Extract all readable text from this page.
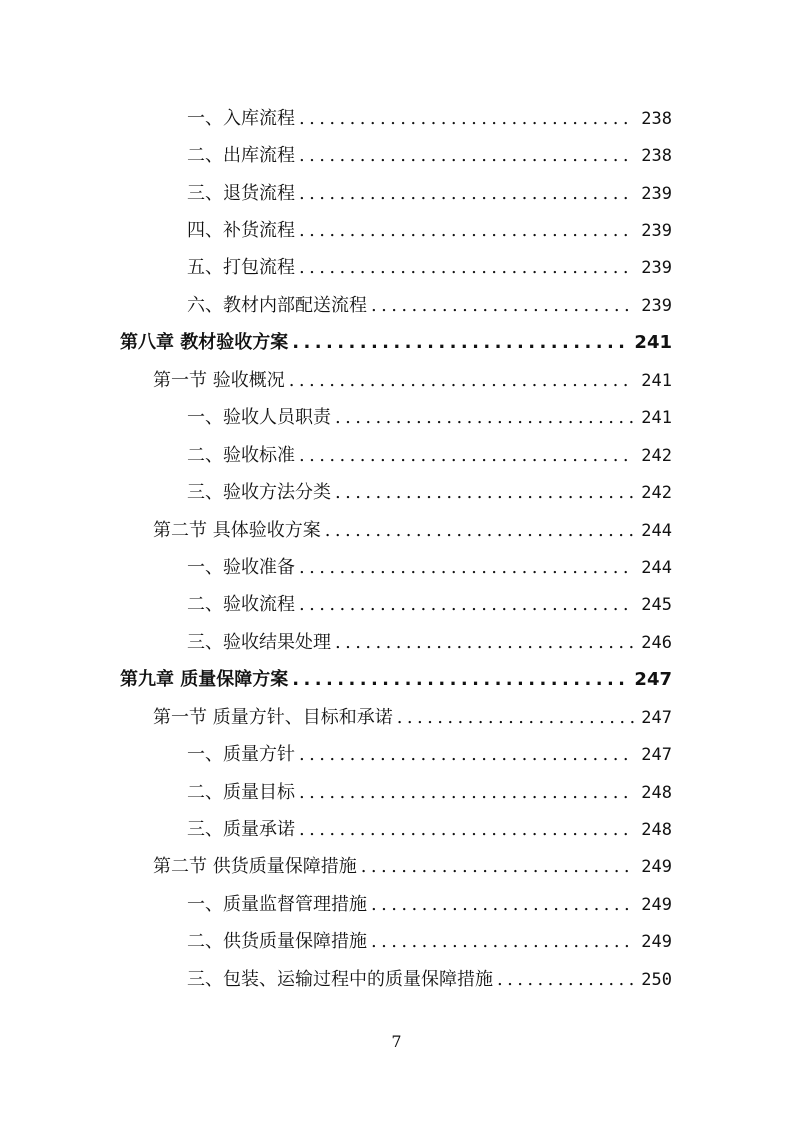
一、入库流程 .....	238
二、出库流程 .....	238
三、退货流程 .....	239
四、补货流程 .....	239
五、打包流程 .....	239
六、教材内部配送流程 .....	239
第八章 教材验收方案 .....	241
第一节 验收概况 .....	241
一、验收人员职责 .....	241
二、验收标准 .....	242
三、验收方法分类 .....	242
第二节 具体验收方案 .....	244
一、验收准备 .....	244
二、验收流程 .....	245
三、验收结果处理 .....	246
第九章 质量保障方案 .....	247
第一节 质量方针、目标和承诺 .....	247
一、质量方针 .....	247
二、质量目标 .....	248
三、质量承诺 .....	248
第二节 供货质量保障措施 .....	249
一、质量监督管理措施 .....	249
二、供货质量保障措施 .....	249
三、包装、运输过程中的质量保障措施 .....	250
7
